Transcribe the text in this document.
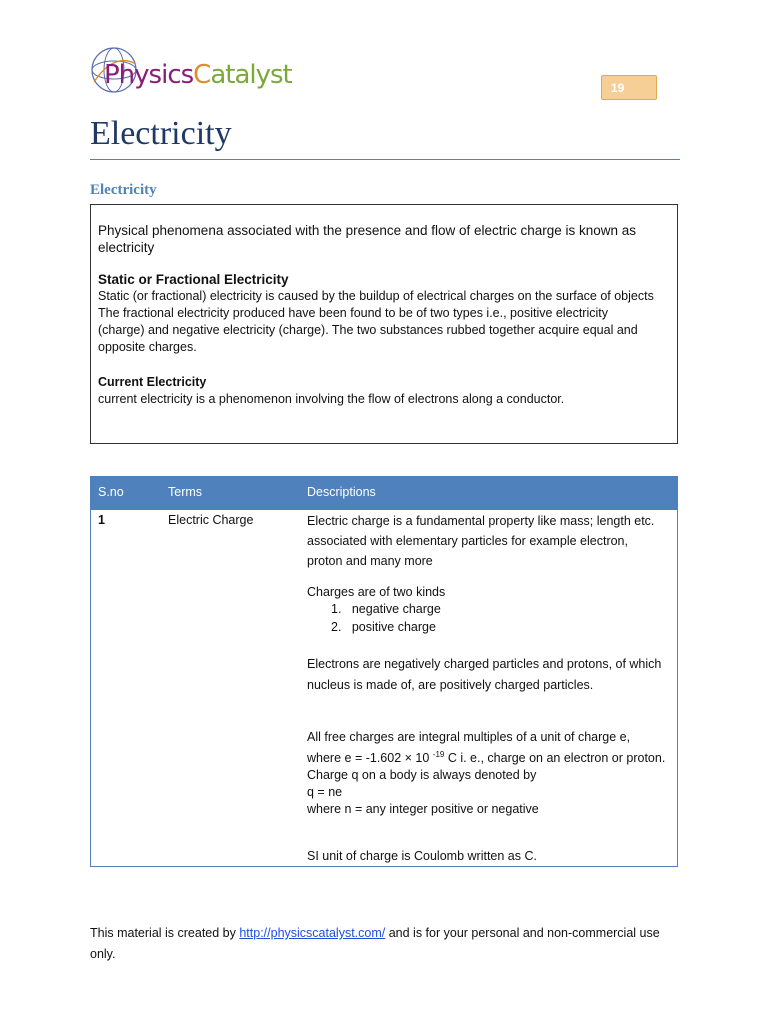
PhysicsCatalyst	19
Electricity
Electricity
Physical phenomena associated with the presence and flow of electric charge is known as electricity
Static or Fractional Electricity
Static (or fractional) electricity is caused by the buildup of electrical charges on the surface of objects
The fractional electricity produced have been found to be of two types i.e., positive electricity
(charge) and negative electricity (charge). The two substances rubbed together acquire equal and
opposite charges.
Current Electricity
current electricity is a phenomenon involving the flow of electrons along a conductor.
S.no	Terms	Descriptions
1	Electric Charge	Electric charge is a fundamental property like mass; length etc.
associated with elementary particles for example electron,
proton and many more
Charges are of two kinds
1. negative charge
2. positive charge
Electrons are negatively charged particles and protons, of which
nucleus is made of, are positively charged particles.
All free charges are integral multiples of a unit of charge e,
where e = -1.602 × 10 $^{-19}$ C i. e., charge on an electron or proton.
Charge q on a body is always denoted by
q = ne
where n = any integer positive or negative
SI unit of charge is Coulomb written as C.
This material is created by http://physicscatalyst.com/ and is for your personal and non-commercial use
only.
